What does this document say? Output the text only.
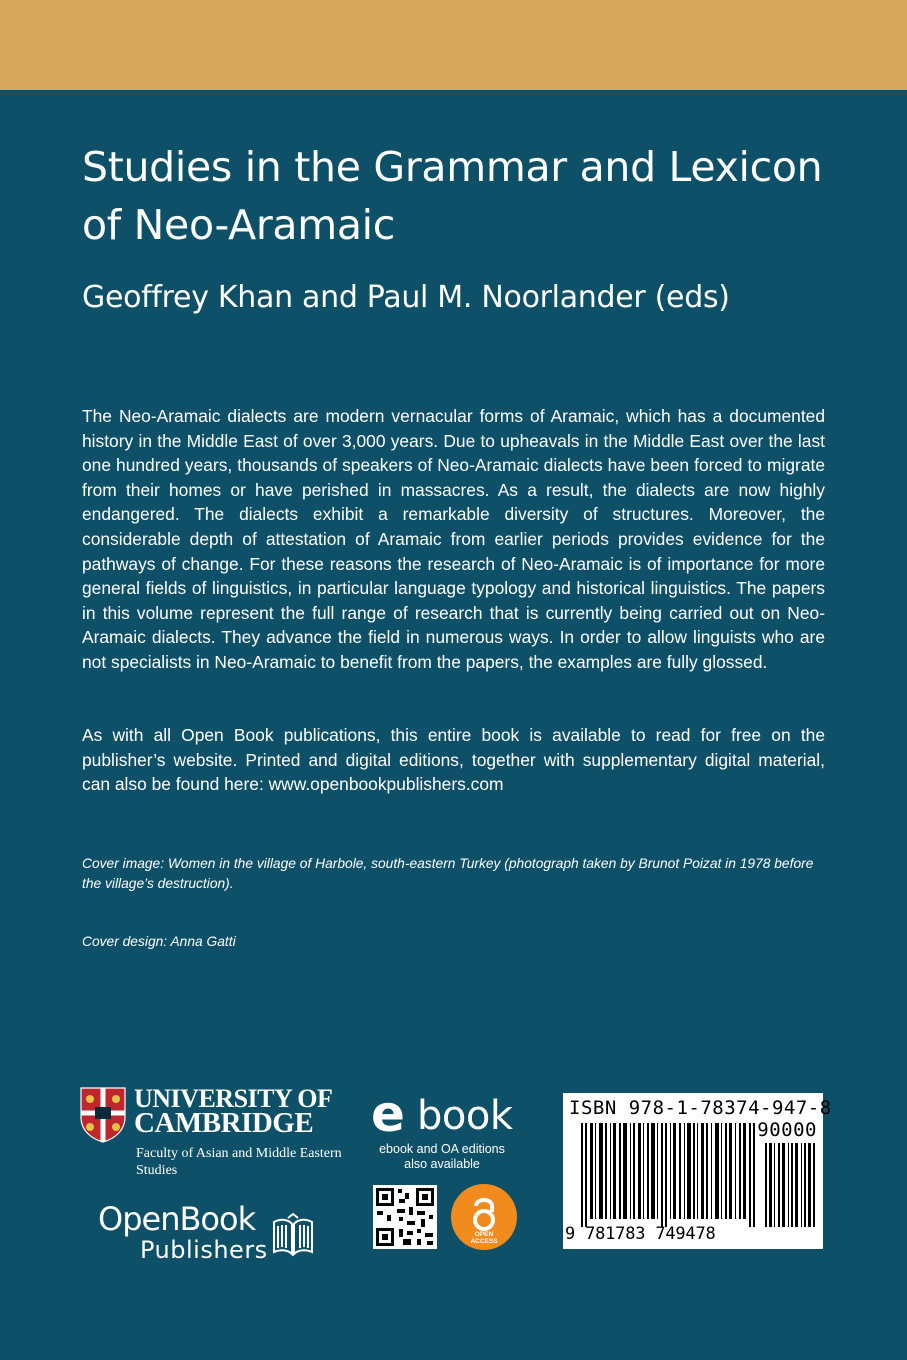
Studies in the Grammar and Lexicon of Neo-Aramaic

Geoffrey Khan and Paul M. Noorlander (eds)

The Neo-Aramaic dialects are modern vernacular forms of Aramaic, which has a documented history in the Middle East of over 3,000 years. Due to upheavals in the Middle East over the last one hundred years, thousands of speakers of Neo-Aramaic dialects have been forced to migrate from their homes or have perished in massacres. As a result, the dialects are now highly endangered. The dialects exhibit a remarkable diversity of structures. Moreover, the considerable depth of attestation of Aramaic from earlier periods provides evidence for the pathways of change. For these reasons the research of Neo-Aramaic is of importance for more general fields of linguistics, in particular language typology and historical linguistics. The papers in this volume represent the full range of research that is currently being carried out on Neo-Aramaic dialects. They advance the field in numerous ways. In order to allow linguists who are not specialists in Neo-Aramaic to benefit from the papers, the examples are fully glossed.

As with all Open Book publications, this entire book is available to read for free on the publisher’s website. Printed and digital editions, together with supplementary digital material, can also be found here: www.openbookpublishers.com

Cover image: Women in the village of Harbole, south-eastern Turkey (photograph taken by Brunot Poizat in 1978 before the village’s destruction).

Cover design: Anna Gatti

UNIVERSITY OF

CAMBRIDGE

Faculty of Asian and Middle Eastern Studies

OpenBook

Publishers

e book

ebook and OA editions also available

OPEN
ACCESS

ISBN 978-1-78374-947-8

90000

9 781783 749478
